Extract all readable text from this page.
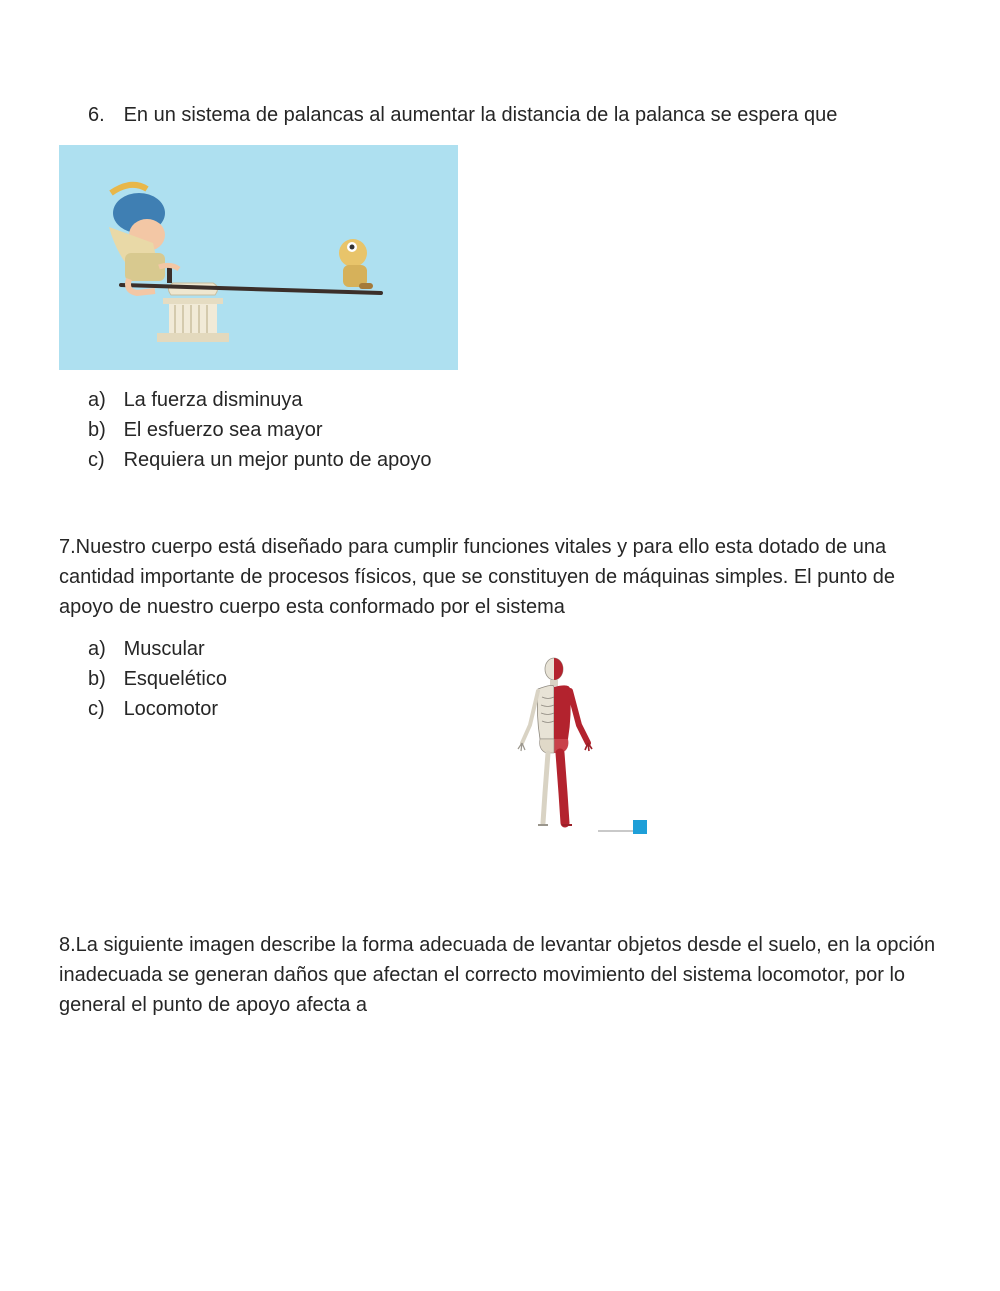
6. En un sistema de palancas al aumentar la distancia de la palanca se espera que
a) La fuerza disminuya
b) El esfuerzo sea mayor
c) Requiera un mejor punto de apoyo
7.Nuestro cuerpo está diseñado para cumplir funciones vitales y para ello esta dotado de una cantidad importante de procesos físicos, que se constituyen de máquinas simples. El punto de apoyo de nuestro cuerpo esta conformado por el sistema
a) Muscular
b) Esquelético
c) Locomotor
8.La siguiente imagen describe la forma adecuada de levantar objetos desde el suelo, en la opción inadecuada se generan daños que afectan el correcto movimiento del sistema locomotor, por lo general el punto de apoyo afecta a
